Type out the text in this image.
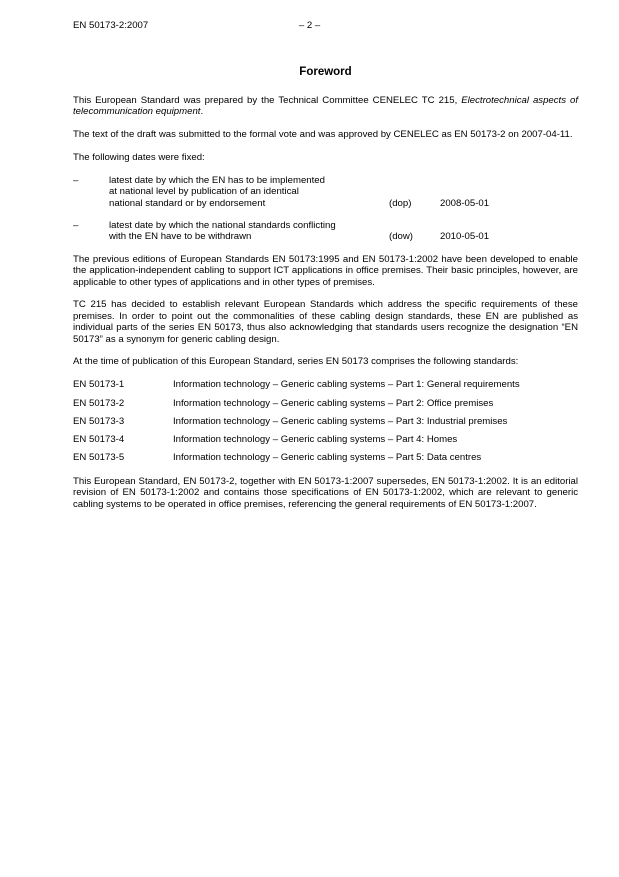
EN 50173-2:2007	– 2 –
Foreword

This European Standard was prepared by the Technical Committee CENELEC TC 215, Electrotechnical aspects of telecommunication equipment.

The text of the draft was submitted to the formal vote and was approved by CENELEC as EN 50173-2 on 2007-04-11.

The following dates were fixed:

–	latest date by which the EN has to be implemented
at national level by publication of an identical
national standard or by endorsement	(dop)	2008-05-01
–	latest date by which the national standards conflicting
with the EN have to be withdrawn	(dow)	2010-05-01

The previous editions of European Standards EN 50173:1995 and EN 50173-1:2002 have been developed to enable the application-independent cabling to support ICT applications in office premises. Their basic principles, however, are applicable to other types of applications and in other types of premises.

TC 215 has decided to establish relevant European Standards which address the specific requirements of these premises. In order to point out the commonalities of these cabling design standards, these EN are published as individual parts of the series EN 50173, thus also acknowledging that standards users recognize the designation “EN 50173” as a synonym for generic cabling design.

At the time of publication of this European Standard, series EN 50173 comprises the following standards:

EN 50173-1	Information technology – Generic cabling systems – Part 1: General requirements
EN 50173-2	Information technology – Generic cabling systems – Part 2: Office premises
EN 50173-3	Information technology – Generic cabling systems – Part 3: Industrial premises
EN 50173-4	Information technology – Generic cabling systems – Part 4: Homes
EN 50173-5	Information technology – Generic cabling systems – Part 5: Data centres

This European Standard, EN 50173-2, together with EN 50173-1:2007 supersedes, EN 50173-1:2002. It is an editorial revision of EN 50173-1:2002 and contains those specifications of EN 50173-1:2002, which are relevant to generic cabling systems to be operated in office premises, referencing the general requirements of EN 50173-1:2007.
